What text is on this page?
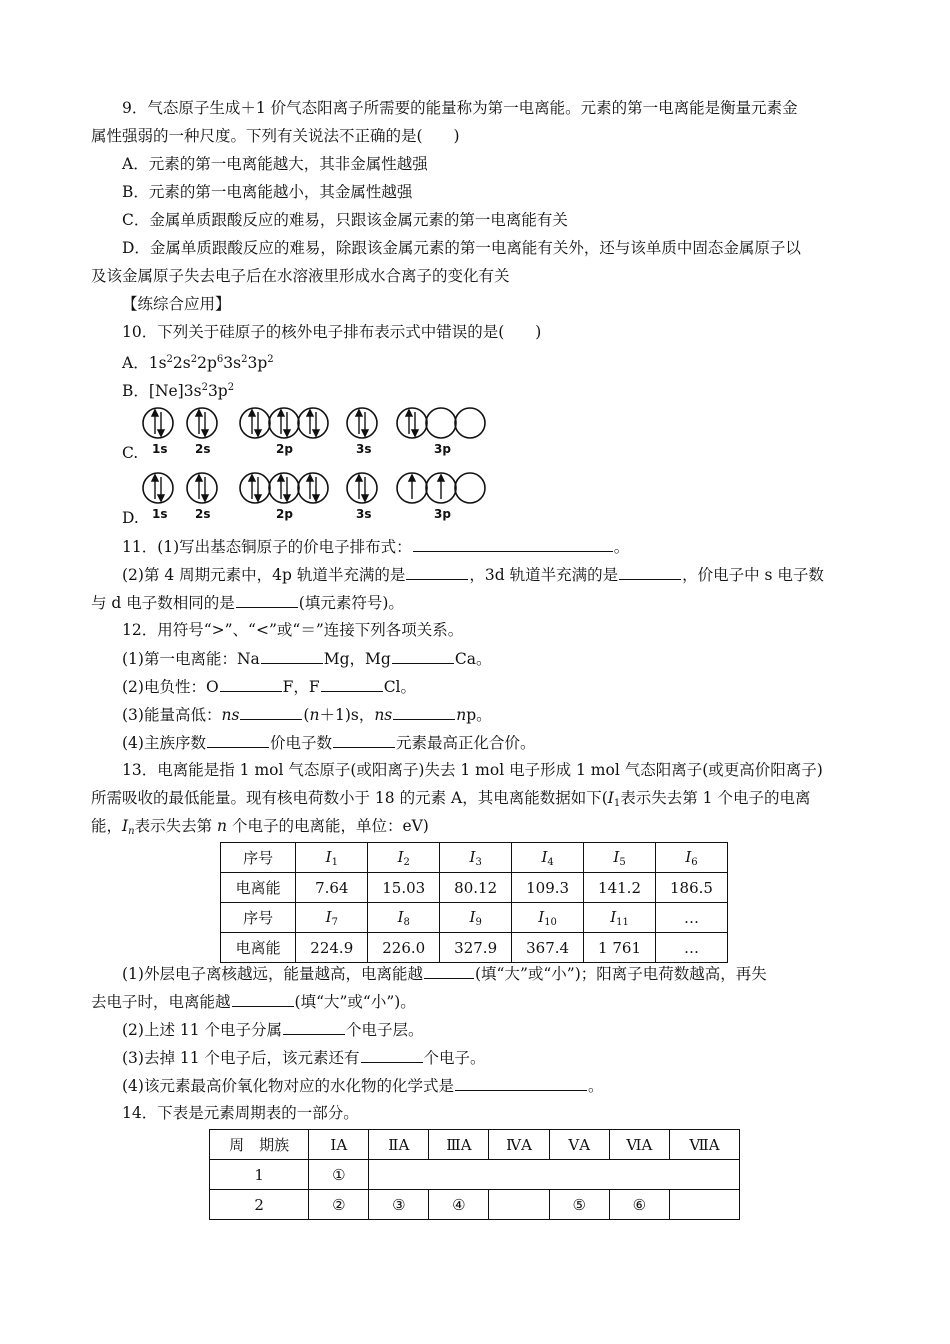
9．气态原子生成＋1 价气态阳离子所需要的能量称为第一电离能。元素的第一电离能是衡量元素金
属性强弱的一种尺度。下列有关说法不正确的是(　　)
A．元素的第一电离能越大，其非金属性越强
B．元素的第一电离能越小，其金属性越强
C．金属单质跟酸反应的难易，只跟该金属元素的第一电离能有关
D．金属单质跟酸反应的难易，除跟该金属元素的第一电离能有关外，还与该单质中固态金属原子以
及该金属原子失去电子后在水溶液里形成水合离子的变化有关
【练综合应用】
10．下列关于硅原子的核外电子排布表示式中错误的是(　　)
A．$1s^22s^22p^63s^23p^2$
B．$[Ne]3s^23p^2$
C. 1s 2s	2p	3s	3p
D. 1s 2s	2p	3s	3p
11．(1)写出基态铜原子的价电子排布式：	。
(2)第 4 周期元素中，4p 轨道半充满的是	，3d 轨道半充满的是	，价电子中 s 电子数
与 d 电子数相同的是	(填元素符号)。
12．用符号“>”、“<”或“＝”连接下列各项关系。
(1)第一电离能：Na	Mg，Mg	Ca。
(2)电负性：O	F，F	Cl。
(3)能量高低：ns	(n＋1)s，ns	np。
(4)主族序数	价电子数	元素最高正化合价。
13．电离能是指 1 mol 气态原子(或阳离子)失去 1 mol 电子形成 1 mol 气态阳离子(或更高价阳离子)
所需吸收的最低能量。现有核电荷数小于 18 的元素 A，其电离能数据如下($I_1$表示失去第 1 个电子的电离
能，$I_n$表示失去第 n 个电子的电离能，单位：eV)
序号	$I_1$	$I_2$	$I_3$	$I_4$	$I_5$	$I_6$
电离能	7.64	15.03	80.12	109.3	141.2	186.5
序号	$I_7$	$I_8$	$I_9$	$I_{10}$	$I_{11}$	…
电离能	224.9	226.0	327.9	367.4	1 761	…
(1)外层电子离核越远，能量越高，电离能越	(填“大”或“小”)；阳离子电荷数越高，再失
去电子时，电离能越	(填“大”或“小”)。
(2)上述 11 个电子分属	个电子层。
(3)去掉 11 个电子后，该元素还有	个电子。
(4)该元素最高价氧化物对应的水化物的化学式是	。
14．下表是元素周期表的一部分。
周　期族	ⅠA	ⅡA	ⅢA	ⅣA	ⅤA	ⅥA	ⅦA
1	①						
2	②	③	④		⑤	⑥	
